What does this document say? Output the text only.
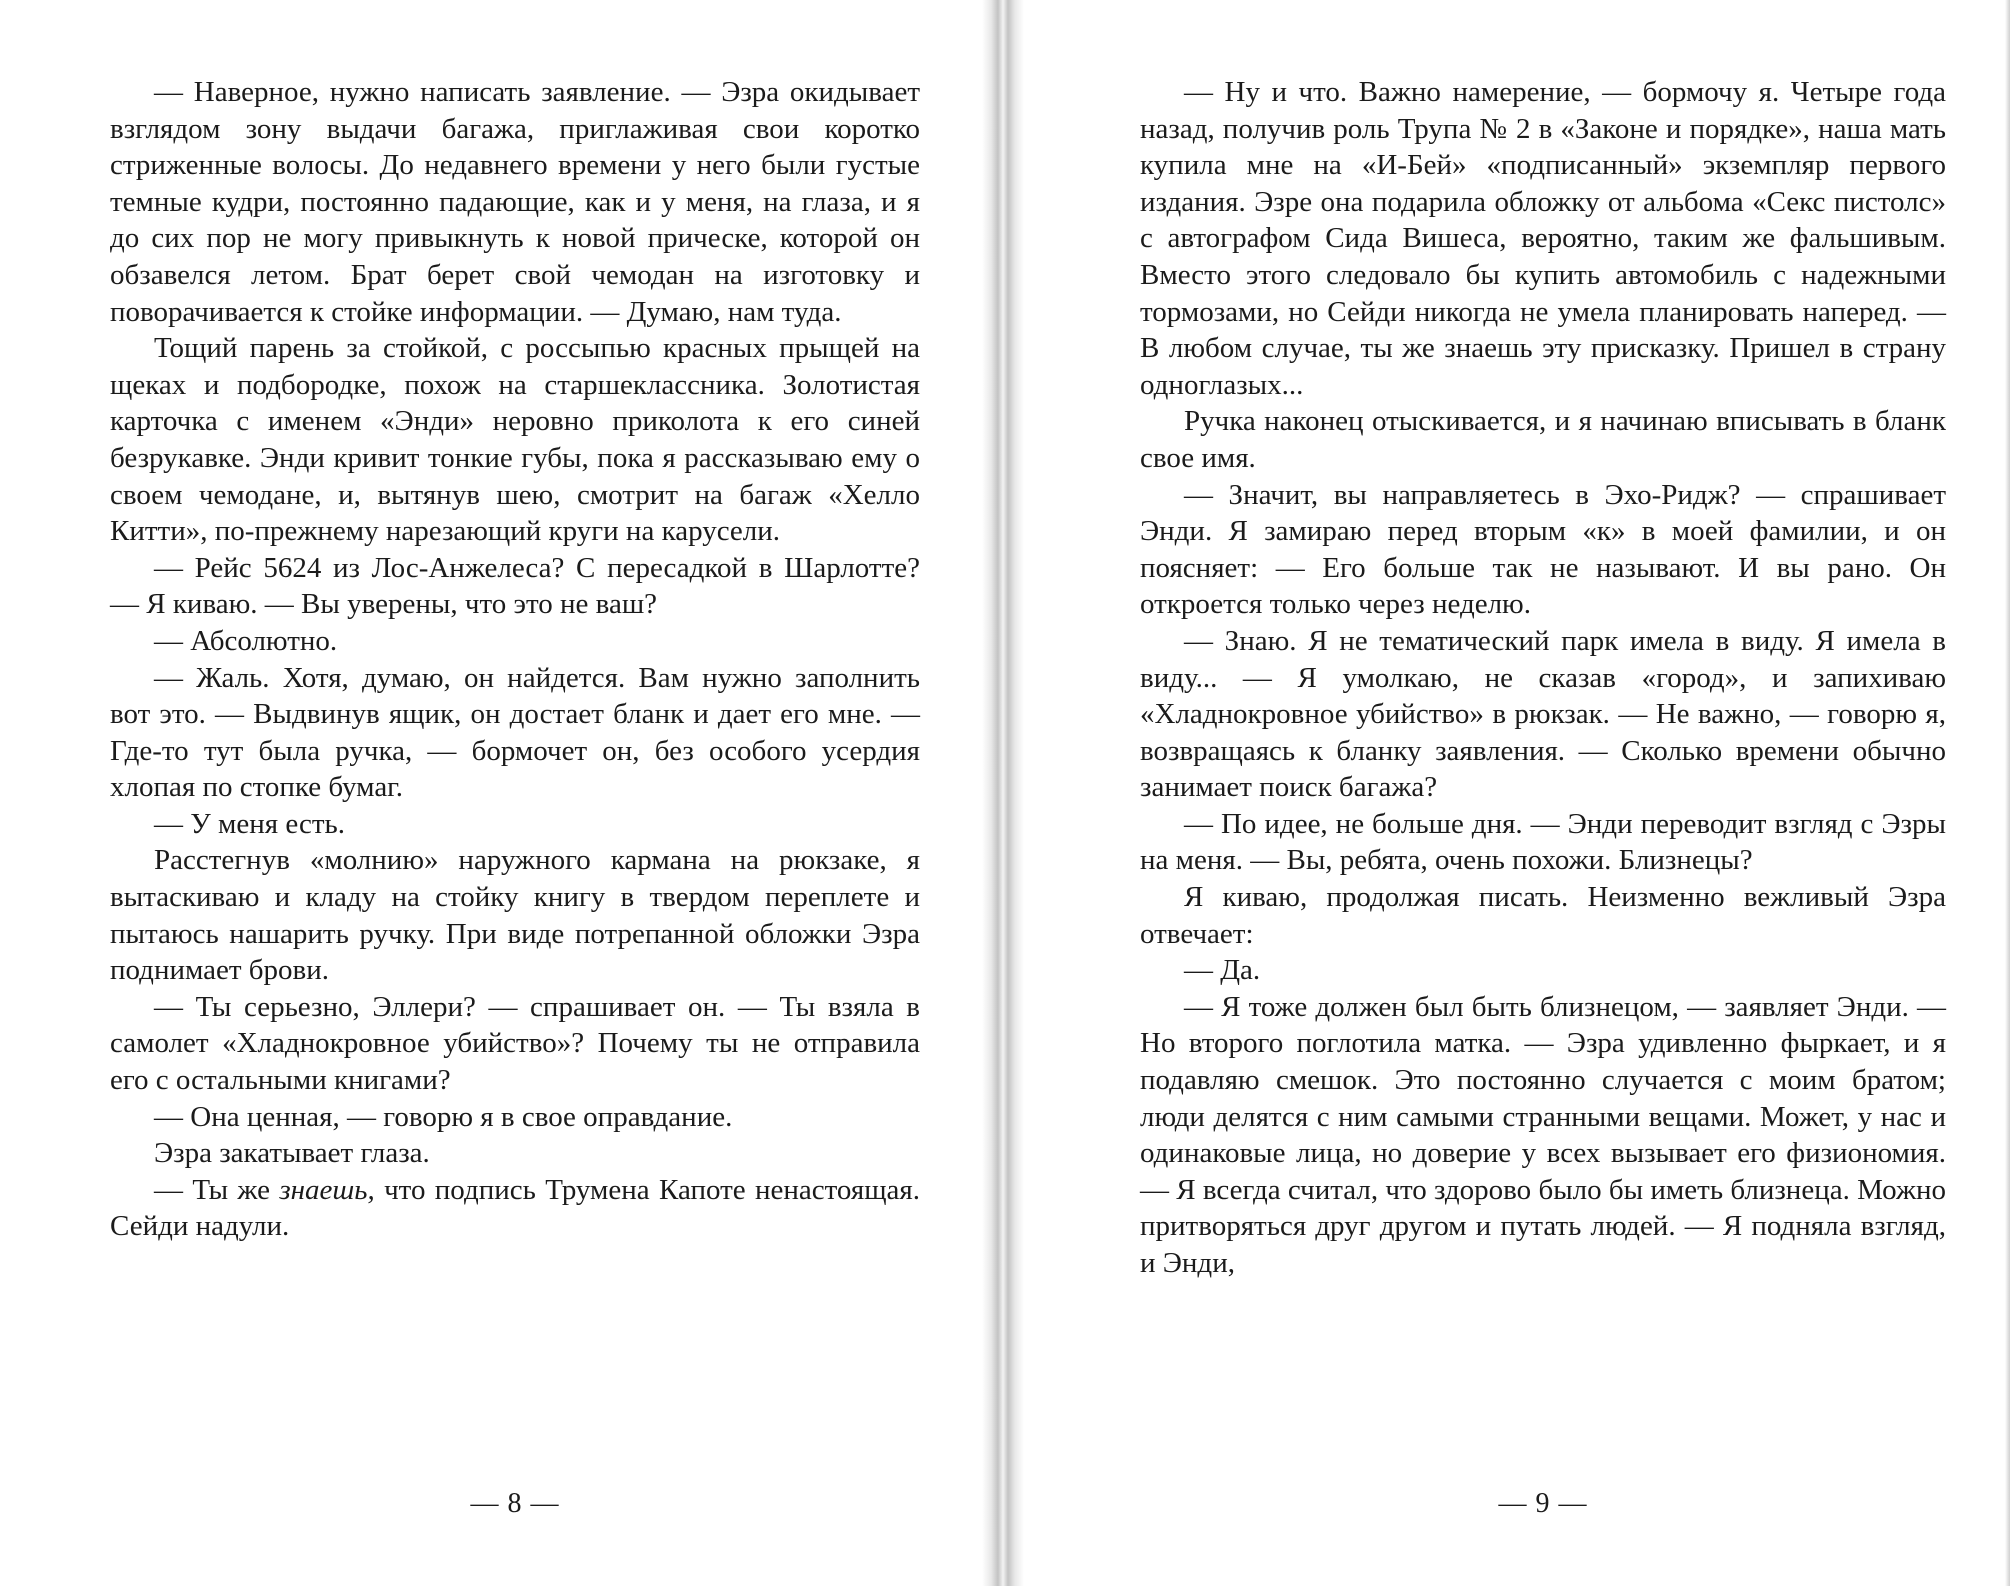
— Наверное, нужно написать заявление. — Эзра окидывает взглядом зону выдачи багажа, приглаживая свои коротко стриженные волосы. До недавнего времени у него были густые темные кудри, постоянно падающие, как и у меня, на глаза, и я до сих пор не могу привыкнуть к новой прическе, которой он обзавелся летом. Брат берет свой чемодан на изготовку и поворачивается к стойке информации. — Думаю, нам туда.

Тощий парень за стойкой, с россыпью красных прыщей на щеках и подбородке, похож на старшеклассника. Золотистая карточка с именем «Энди» неровно приколота к его синей безрукавке. Энди кривит тонкие губы, пока я рассказываю ему о своем чемодане, и, вытянув шею, смотрит на багаж «Хелло Китти», по-прежнему нарезающий круги на карусели.

— Рейс 5624 из Лос-Анжелеса? С пересадкой в Шарлотте? — Я киваю. — Вы уверены, что это не ваш?

— Абсолютно.

— Жаль. Хотя, думаю, он найдется. Вам нужно заполнить вот это. — Выдвинув ящик, он достает бланк и дает его мне. — Где-то тут была ручка, — бормочет он, без особого усердия хлопая по стопке бумаг.

— У меня есть.

Расстегнув «молнию» наружного кармана на рюкзаке, я вытаскиваю и кладу на стойку книгу в твердом переплете и пытаюсь нашарить ручку. При виде потрепанной обложки Эзра поднимает брови.

— Ты серьезно, Эллери? — спрашивает он. — Ты взяла в самолет «Хладнокровное убийство»? Почему ты не отправила его с остальными книгами?

— Она ценная, — говорю я в свое оправдание.

Эзра закатывает глаза.

— Ты же знаешь, что подпись Трумена Капоте ненастоящая. Сейди надули.

— 8 —

— Ну и что. Важно намерение, — бормочу я. Четыре года назад, получив роль Трупа № 2 в «Законе и порядке», наша мать купила мне на «И-Бей» «подписанный» экземпляр первого издания. Эзре она подарила обложку от альбома «Секс пистолс» с автографом Сида Вишеса, вероятно, таким же фальшивым. Вместо этого следовало бы купить автомобиль с надежными тормозами, но Сейди никогда не умела планировать наперед. — В любом случае, ты же знаешь эту присказку. Пришел в страну одноглазых...

Ручка наконец отыскивается, и я начинаю вписывать в бланк свое имя.

— Значит, вы направляетесь в Эхо-Ридж? — спрашивает Энди. Я замираю перед вторым «к» в моей фамилии, и он поясняет: — Его больше так не называют. И вы рано. Он откроется только через неделю.

— Знаю. Я не тематический парк имела в виду. Я имела в виду... — Я умолкаю, не сказав «город», и запихиваю «Хладнокровное убийство» в рюкзак. — Не важно, — говорю я, возвращаясь к бланку заявления. — Сколько времени обычно занимает поиск багажа?

— По идее, не больше дня. — Энди переводит взгляд с Эзры на меня. — Вы, ребята, очень похожи. Близнецы?

Я киваю, продолжая писать. Неизменно вежливый Эзра отвечает:

— Да.

— Я тоже должен был быть близнецом, — заявляет Энди. — Но второго поглотила матка. — Эзра удивленно фыркает, и я подавляю смешок. Это постоянно случается с моим братом; люди делятся с ним самыми странными вещами. Может, у нас и одинаковые лица, но доверие у всех вызывает его физиономия. — Я всегда считал, что здорово было бы иметь близнеца. Можно притворяться друг другом и путать людей. — Я подняла взгляд, и Энди,

— 9 —
